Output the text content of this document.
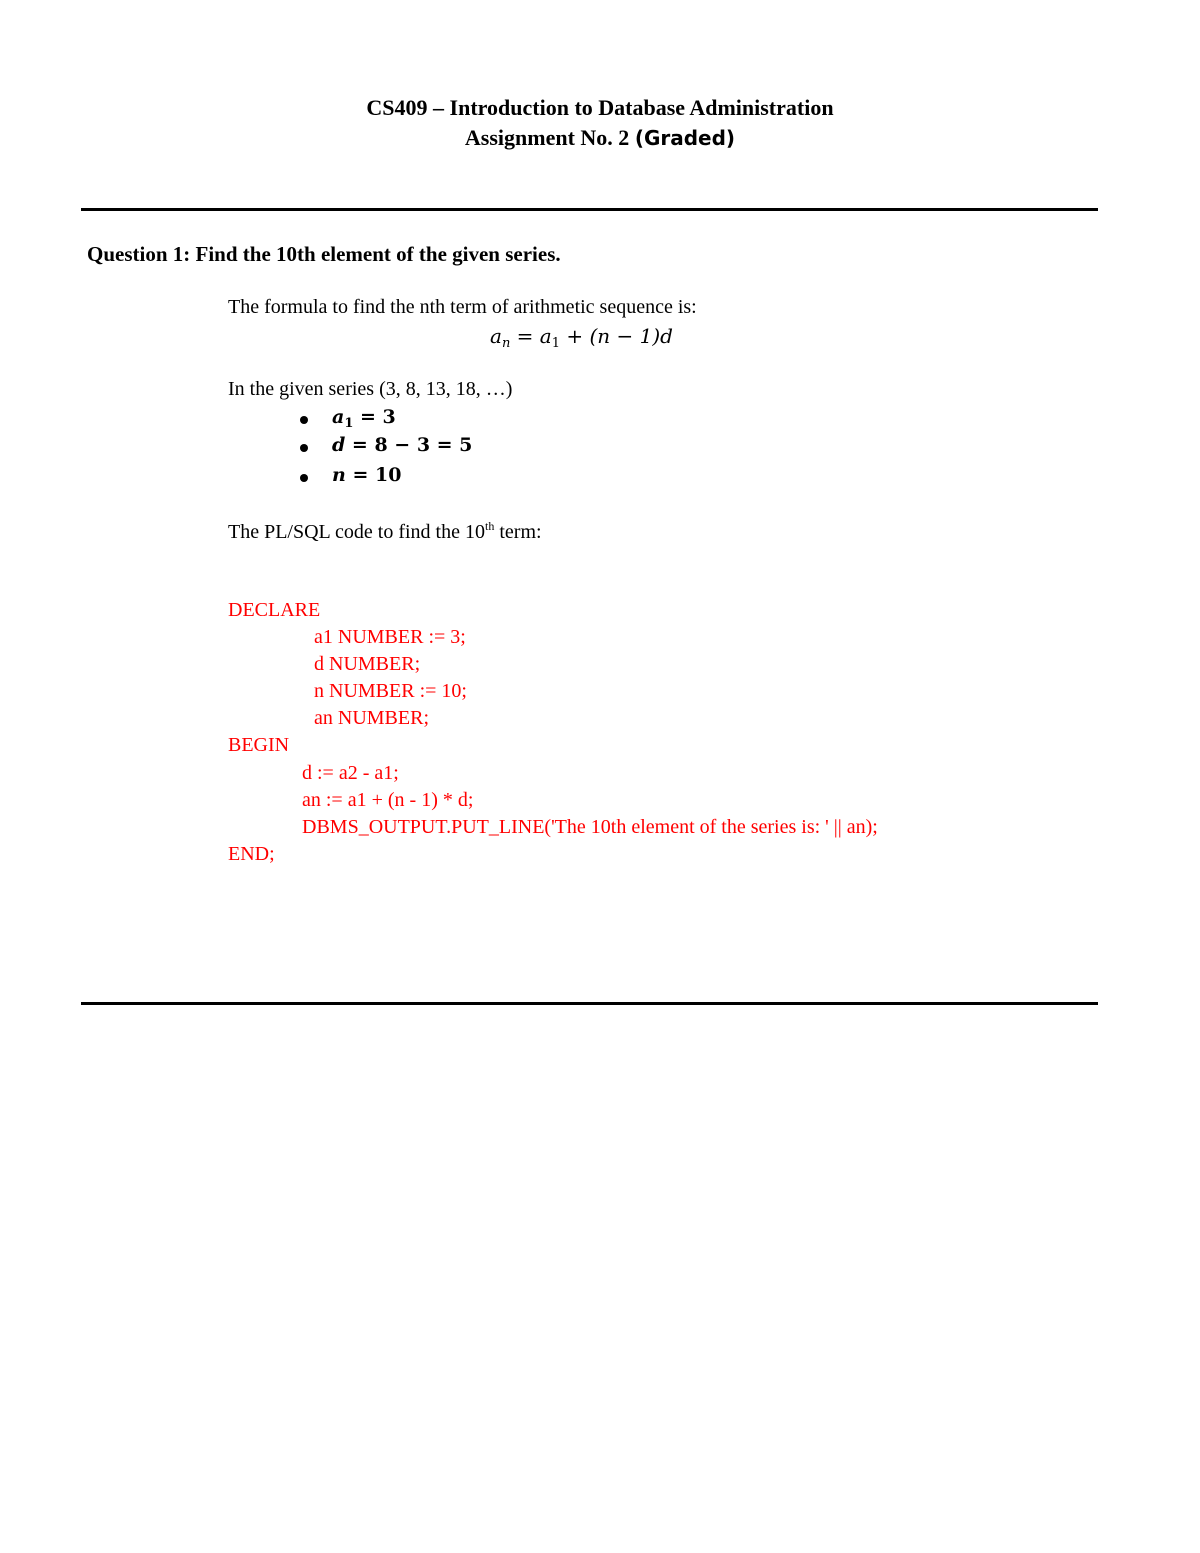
CS409 – Introduction to Database Administration
Assignment No. 2 (Graded)
Question 1: Find the 10th element of the given series.
The formula to find the nth term of arithmetic sequence is:
$a_n = a_1 + (n - 1)d$
In the given series (3, 8, 13, 18, …)
$a_1 = 3$
d = 8 − 3 = 5
n = 10
The PL/SQL code to find the 10th term:
DECLARE
a1 NUMBER := 3;
d NUMBER;
n NUMBER := 10;
an NUMBER;
BEGIN
d := a2 - a1;
an := a1 + (n - 1) * d;
DBMS_OUTPUT.PUT_LINE('The 10th element of the series is: ' || an);
END;
